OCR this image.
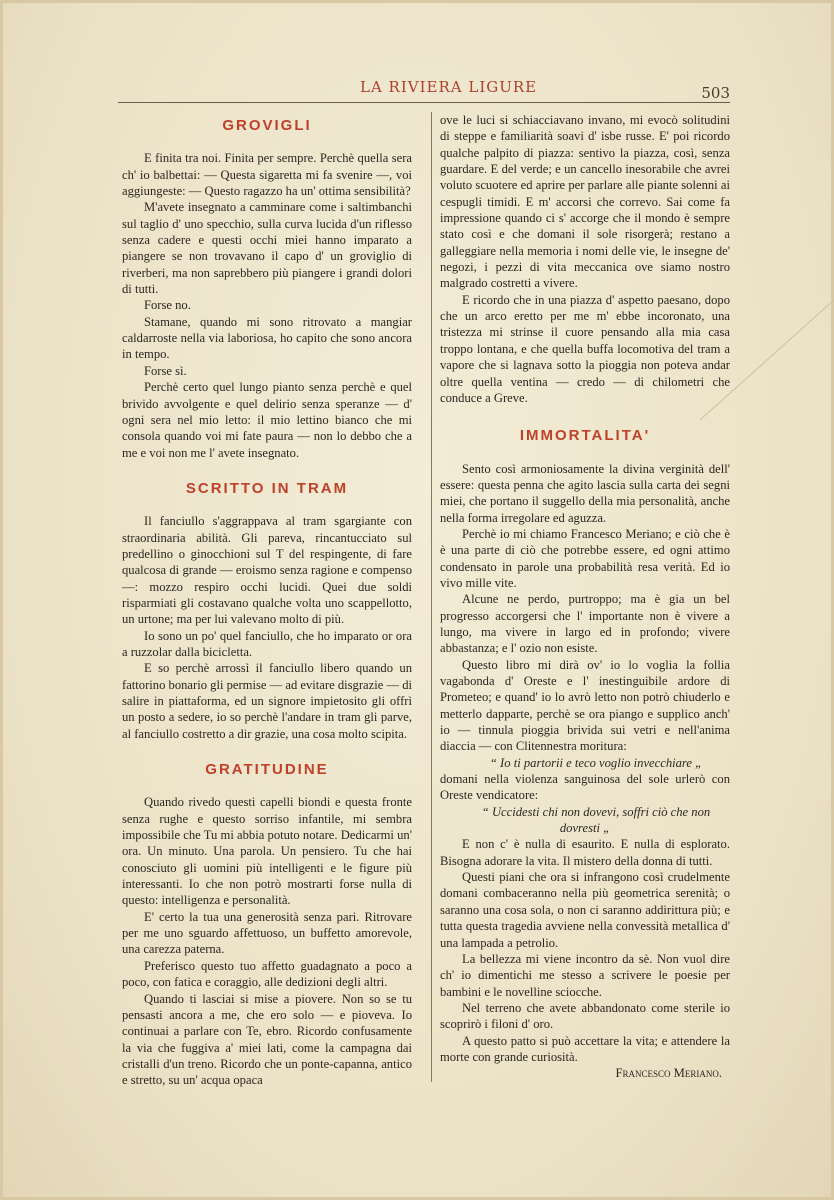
LA RIVIERA LIGURE	503
GROVIGLI

E finita tra noi. Finita per sempre. Perchè quella sera ch' io balbettai: — Questa sigaretta mi fa svenire —, voi aggiungeste: — Questo ragazzo ha un' ottima sensibilità?

M'avete insegnato a camminare come i saltimbanchi sul taglio d' uno specchio, sulla curva lucida d'un riflesso senza cadere e questi occhi miei hanno imparato a piangere se non trovavano il capo d' un groviglio di riverberi, ma non saprebbero più piangere i grandi dolori di tutti.

Forse no.

Stamane, quando mi sono ritrovato a mangiar caldarroste nella via laboriosa, ho capito che sono ancora in tempo.

Forse sì.

Perchè certo quel lungo pianto senza perchè e quel brivido avvolgente e quel delirio senza speranze — d' ogni sera nel mio letto: il mio lettino bianco che mi consola quando voi mi fate paura — non lo debbo che a me e voi non me l' avete insegnato.

SCRITTO IN TRAM

Il fanciullo s'aggrappava al tram sgargiante con straordinaria abilità. Gli pareva, rincantucciato sul predellino o ginocchioni sul T del respingente, di fare qualcosa di grande — eroismo senza ragione e compenso —: mozzo respiro occhi lucidi. Quei due soldi risparmiati gli costavano qualche volta uno scappellotto, un urtone; ma per lui valevano molto di più.

Io sono un po' quel fanciullo, che ho imparato or ora a ruzzolar dalla bicicletta.

E so perchè arrossì il fanciullo libero quando un fattorino bonario gli permise — ad evitare disgrazie — di salire in piattaforma, ed un signore impietosito gli offrì un posto a sedere, io so perchè l'andare in tram gli parve, al fanciullo costretto a dir grazie, una cosa molto scipita.

GRATITUDINE

Quando rivedo questi capelli biondi e questa fronte senza rughe e questo sorriso infantile, mi sembra impossibile che Tu mi abbia potuto notare. Dedicarmi un' ora. Un minuto. Una parola. Un pensiero. Tu che hai conosciuto gli uomini più intelligenti e le figure più interessanti. Io che non potrò mostrarti forse nulla di questo: intelligenza e personalità.

E' certo la tua una generosità senza pari. Ritrovare per me uno sguardo affettuoso, un buffetto amorevole, una carezza paterna.

Preferisco questo tuo affetto guadagnato a poco a poco, con fatica e coraggio, alle dedizioni degli altri.

Quando ti lasciai si mise a piovere. Non so se tu pensasti ancora a me, che ero solo — e pioveva. Io continuai a parlare con Te, ebro. Ricordo confusamente la via che fuggiva a' miei lati, come la campagna dai cristalli d'un treno. Ricordo che un ponte-capanna, antico e stretto, su un' acqua opaca

ove le luci si schiacciavano invano, mi evocò solitudini di steppe e familiarità soavi d' isbe russe. E' poi ricordo qualche palpito di piazza: sentivo la piazza, così, senza guardare. E del verde; e un cancello inesorabile che avrei voluto scuotere ed aprire per parlare alle piante solenni ai cespugli timidi. E m' accorsi che correvo. Sai come fa impressione quando ci s' accorge che il mondo è sempre stato così e che domani il sole risorgerà; restano a galleggiare nella memoria i nomi delle vie, le insegne de' negozi, i pezzi di vita meccanica ove siamo nostro malgrado costretti a vivere.

E ricordo che in una piazza d' aspetto paesano, dopo che un arco eretto per me m' ebbe incoronato, una tristezza mi strinse il cuore pensando alla mia casa troppo lontana, e che quella buffa locomotiva del tram a vapore che si lagnava sotto la pioggia non poteva andar oltre quella ventina — credo — di chilometri che conduce a Greve.

IMMORTALITA'

Sento così armoniosamente la divina verginità dell' essere: questa penna che agito lascia sulla carta dei segni miei, che portano il suggello della mia personalità, anche nella forma irregolare ed aguzza.

Perchè io mi chiamo Francesco Meriano; e ciò che è è una parte di ciò che potrebbe essere, ed ogni attimo condensato in parole una probabilità resa verità. Ed io vivo mille vite.

Alcune ne perdo, purtroppo; ma è gia un bel progresso accorgersi che l' importante non è vivere a lungo, ma vivere in largo ed in profondo; vivere abbastanza; e l' ozio non esiste.

Questo libro mi dirà ov' io lo voglia la follia vagabonda d' Oreste e l' inestinguibile ardore di Prometeo; e quand' io lo avrò letto non potrò chiuderlo e metterlo dapparte, perchè se ora piango e supplico anch' io — tinnula pioggia brivida sui vetri e nell'anima diaccia — con Clitennestra moritura:

“ Io ti partorii e teco voglio invecchiare „

domani nella violenza sanguinosa del sole urlerò con Oreste vendicatore:

“ Uccidesti chi non dovevi, soffri ciò che non dovresti „

E non c' è nulla di esaurito. E nulla di esplorato. Bisogna adorare la vita. Il mistero della donna di tutti.

Questi piani che ora si infrangono così crudelmente domani combaceranno nella più geometrica serenità; o saranno una cosa sola, o non ci saranno addirittura più; e tutta questa tragedia avviene nella convessità metallica d' una lampada a petrolio.

La bellezza mi viene incontro da sè. Non vuol dire ch' io dimentichi me stesso a scrivere le poesie per bambini e le novelline sciocche.

Nel terreno che avete abbandonato come sterile io scoprirò i filoni d' oro.

A questo patto si può accettare la vita; e attendere la morte con grande curiosità.

Francesco Meriano.
